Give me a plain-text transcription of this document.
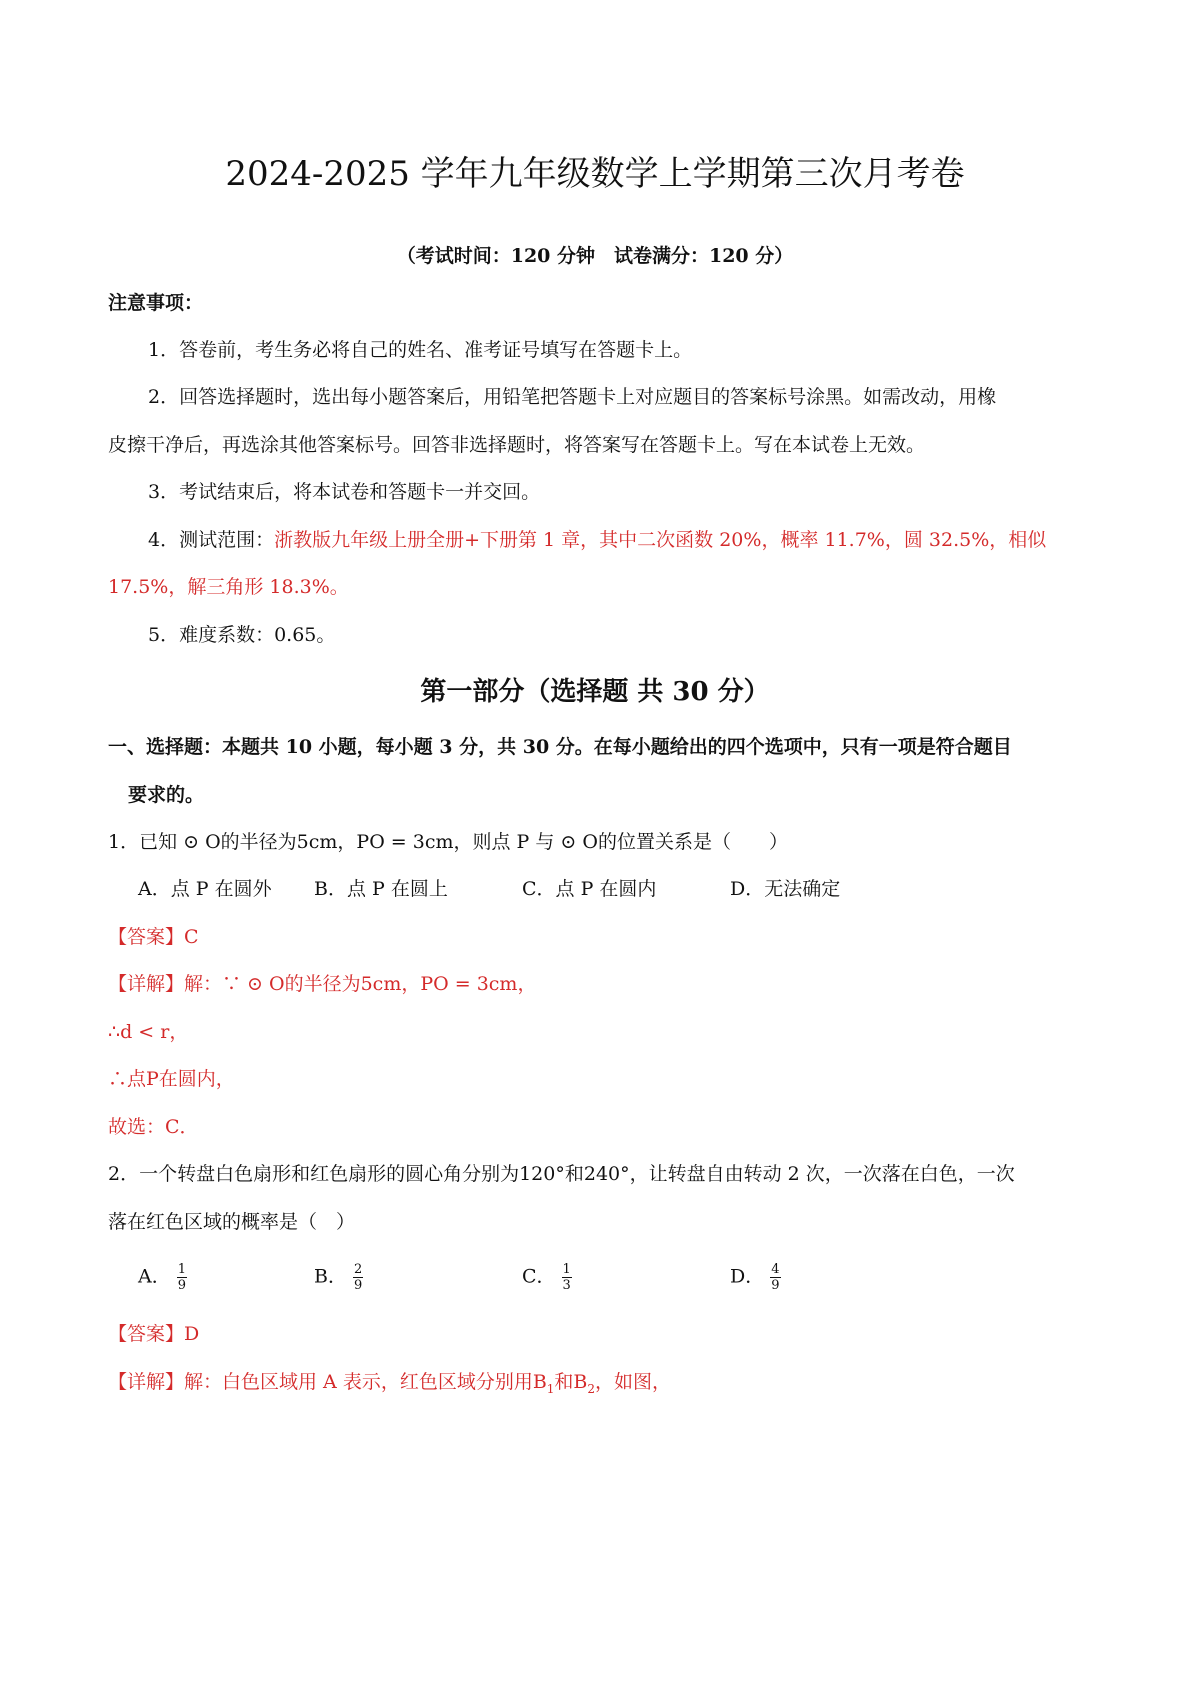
2024-2025 学年九年级数学上学期第三次月考卷
（考试时间：120 分钟　试卷满分：120 分）
注意事项：
1．答卷前，考生务必将自己的姓名、准考证号填写在答题卡上。
2．回答选择题时，选出每小题答案后，用铅笔把答题卡上对应题目的答案标号涂黑。如需改动，用橡
皮擦干净后，再选涂其他答案标号。回答非选择题时，将答案写在答题卡上。写在本试卷上无效。
3．考试结束后，将本试卷和答题卡一并交回。
4．测试范围：浙教版九年级上册全册+下册第 1 章，其中二次函数 20%，概率 11.7%，圆 32.5%，相似
17.5%，解三角形 18.3%。
5．难度系数：0.65。
第一部分（选择题 共 30 分）
一、选择题：本题共 10 小题，每小题 3 分，共 30 分。在每小题给出的四个选项中，只有一项是符合题目
要求的。
1．已知 ⊙ O的半径为5cm，PO = 3cm，则点 P 与 ⊙ O的位置关系是（　　）
A．点 P 在圆外 B．点 P 在圆上	C．点 P 在圆内	D．无法确定
【答案】C
【详解】解：∵ ⊙ O的半径为5cm，PO = 3cm，
∴d < r，
∴点P在圆内，
故选：C．
2．一个转盘白色扇形和红色扇形的圆心角分别为120°和240°，让转盘自由转动 2 次，一次落在白色，一次
落在红色区域的概率是（　）
A． $\frac{1}{9}$	B． $\frac{2}{9}$	C． $\frac{1}{3}$	D． $\frac{4}{9}$
【答案】D
【详解】解：白色区域用 A 表示，红色区域分别用$B_1$和$B_2$，如图，
